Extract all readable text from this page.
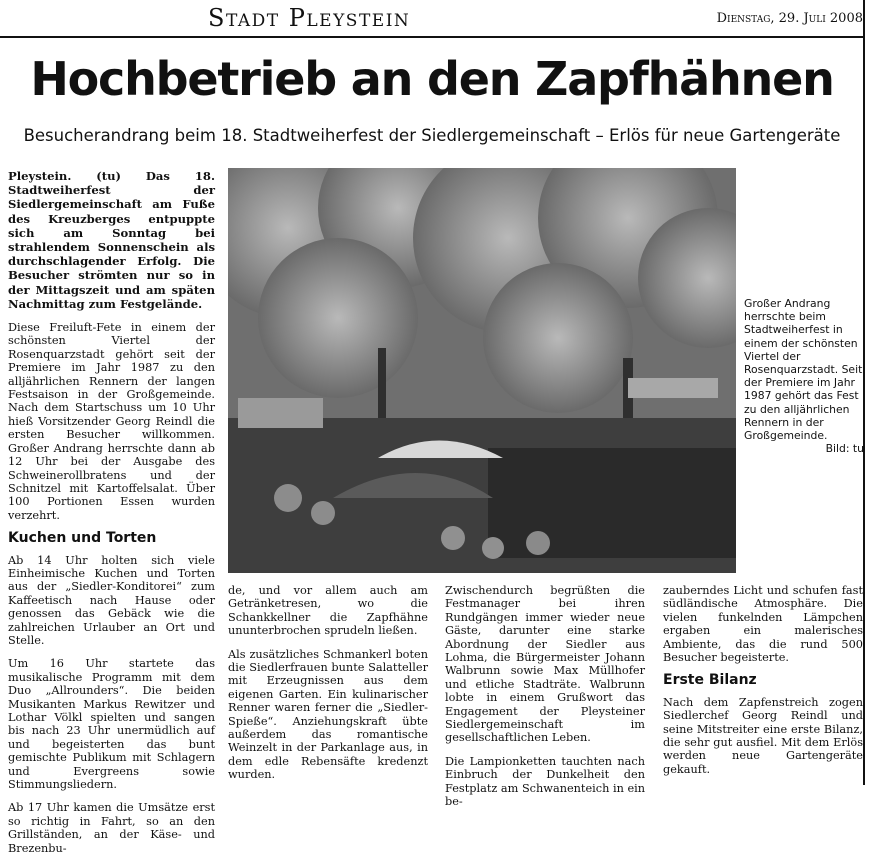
Stadt Pleystein	Dienstag, 29. Juli 2008
Hochbetrieb an den Zapfhähnen
Besucherandrang beim 18. Stadtweiherfest der Siedlergemeinschaft – Erlös für neue Gartengeräte

Pleystein. (tu) Das 18. Stadtweiherfest der Siedlergemeinschaft am Fuße des Kreuzberges entpuppte sich am Sonntag bei strahlendem Sonnenschein als durchschlagender Erfolg. Die Besucher strömten nur so in der Mittagszeit und am späten Nachmittag zum Festgelände.

Diese Freiluft-Fete in einem der schönsten Viertel der Rosenquarzstadt gehört seit der Premiere im Jahr 1987 zu den alljährlichen Rennern der langen Festsaison in der Großgemeinde. Nach dem Startschuss um 10 Uhr hieß Vorsitzender Georg Reindl die ersten Besucher willkommen. Großer Andrang herrschte dann ab 12 Uhr bei der Ausgabe des Schweinerollbratens und der Schnitzel mit Kartoffelsalat. Über 100 Portionen Essen wurden verzehrt.

Kuchen und Torten

Ab 14 Uhr holten sich viele Einheimische Kuchen und Torten aus der „Siedler-Konditorei“ zum Kaffeetisch nach Hause oder genossen das Gebäck wie die zahlreichen Urlauber an Ort und Stelle.

Um 16 Uhr startete das musikalische Programm mit dem Duo „Allrounders“. Die beiden Musikanten Markus Rewitzer und Lothar Völkl spielten und sangen bis nach 23 Uhr unermüdlich auf und begeisterten das bunt gemischte Publikum mit Schlagern und Evergreens sowie Stimmungsliedern.

Ab 17 Uhr kamen die Umsätze erst so richtig in Fahrt, so an den Grillständen, an der Käse- und Brezenbu-

Großer Andrang herrschte beim Stadtweiherfest in einem der schönsten Viertel der Rosenquarzstadt. Seit der Premiere im Jahr 1987 gehört das Fest zu den alljährlichen Rennern in der Großgemeinde.
Bild: tu

de, und vor allem auch am Getränketresen, wo die Schankkellner die Zapfhähne ununterbrochen sprudeln ließen.

Als zusätzliches Schmankerl boten die Siedlerfrauen bunte Salatteller mit Erzeugnissen aus dem eigenen Garten. Ein kulinarischer Renner waren ferner die „Siedler-Spieße“. Anziehungskraft übte außerdem das romantische Weinzelt in der Parkanlage aus, in dem edle Rebensäfte kredenzt wurden.

Zwischendurch begrüßten die Festmanager bei ihren Rundgängen immer wieder neue Gäste, darunter eine starke Abordnung der Siedler aus Lohma, die Bürgermeister Johann Walbrunn sowie Max Müllhofer und etliche Stadträte. Walbrunn lobte in einem Grußwort das Engagement der Pleysteiner Siedlergemeinschaft im gesellschaftlichen Leben.

Die Lampionketten tauchten nach Einbruch der Dunkelheit den Festplatz am Schwanenteich in ein be-

zauberndes Licht und schufen fast südländische Atmosphäre. Die vielen funkelnden Lämpchen ergaben ein malerisches Ambiente, das die rund 500 Besucher begeisterte.

Erste Bilanz

Nach dem Zapfenstreich zogen Siedlerchef Georg Reindl und seine Mitstreiter eine erste Bilanz, die sehr gut ausfiel. Mit dem Erlös werden neue Gartengeräte gekauft.
